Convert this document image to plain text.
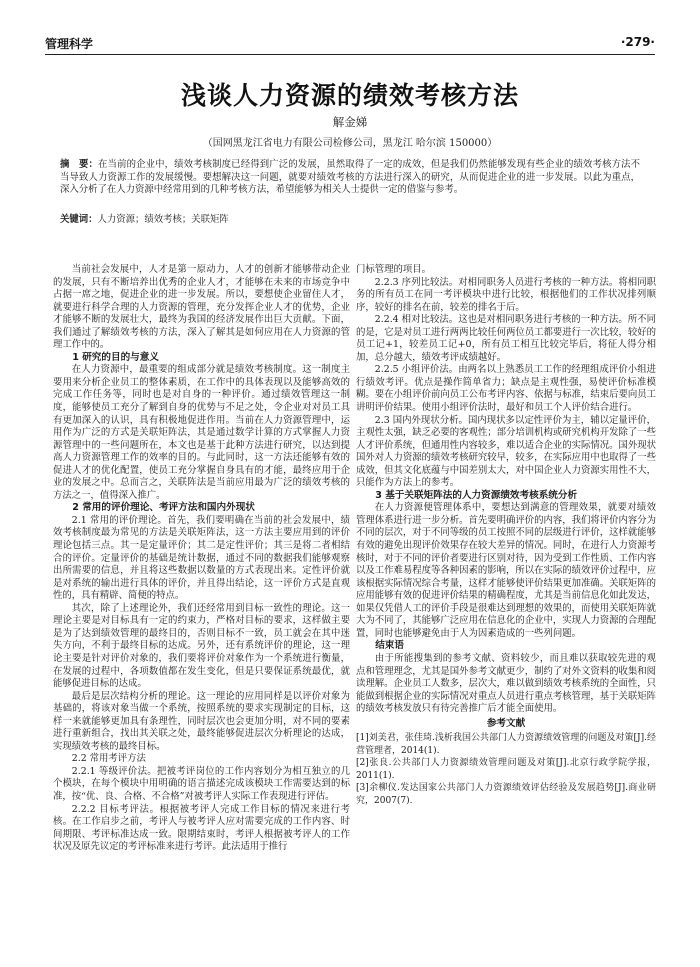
管理科学	·279·
浅谈人力资源的绩效考核方法
解金娣
（国网黑龙江省电力有限公司检修公司，黑龙江 哈尔滨 150000）
摘　要：在当前的企业中，绩效考核制度已经得到广泛的发展，虽然取得了一定的成效，但是我们仍然能够发现有些企业的绩效考核方法不当导致人力资源工作的发展缓慢。要想解决这一问题，就要对绩效考核的方法进行深入的研究，从而促进企业的进一步发展。以此为重点，深入分析了在人力资源中经常用到的几种考核方法，希望能够为相关人士提供一定的借鉴与参考。
关键词：人力资源；绩效考核；关联矩阵

当前社会发展中，人才是第一原动力，人才的创新才能够带动企业的发展，只有不断培养出优秀的企业人才，才能够在未来的市场竞争中占据一席之地，促进企业的进一步发展。所以，要想使企业留住人才，就要进行科学合理的人力资源的管理，充分发挥企业人才的优势，企业才能够不断的发展壮大，最终为我国的经济发展作出巨大贡献。下面，我们通过了解绩效考核的方法，深入了解其是如何应用在人力资源的管理工作中的。

1 研究的目的与意义

在人力资源中，最重要的组成部分就是绩效考核制度。这一制度主要用来分析企业员工的整体素质，在工作中的具体表现以及能够高效的完成工作任务等，同时也是对自身的一种评价。通过绩效管理这一制度，能够使员工充分了解到自身的优势与不足之处，令企业对对员工具有更加深入的认识，具有积极地促进作用。当前在人力资源管理中，运用作为广泛的方式是关联矩阵法，其是通过数学计算的方式掌握人力资源管理中的一些问题所在，本文也是基于此种方法进行研究，以达到提高人力资源管理工作的效率的目的。与此同时，这一方法还能够有效的促进人才的优化配置，使员工充分掌握自身具有的才能，最终应用于企业的发展之中。总而言之，关联阵法是当前应用最为广泛的绩效考核的方法之一，值得深入推广。

2 常用的评价理论、考评方法和国内外现状

2.1 常用的评价理论。首先，我们要明确在当前的社会发展中，绩效考核制度最为常见的方法是关联矩阵法，这一方法主要应用到的评价理论包括三点。其一是定量评价；其二是定性评价；其三是将二者相结合的评价。定量评价的基础是统计数据，通过不同的数据我们能够观察出所需要的信息，并且将这些数据以数量的方式表现出来。定性评价就是对系统的输出进行具体的评价，并且得出结论，这一评价方式是直观性的，具有精辟、简便的特点。

其次，除了上述理论外，我们还经常用到目标一致性的理论。这一理论主要是对目标具有一定的约束力，严格对目标的要求，这样做主要是为了达到绩效管理的最终目的，否则目标不一致，员工就会在其中迷失方向，不利于最终目标的达成。另外，还有系统评价的理论，这一理论主要是针对评价对象的，我们要将评价对象作为一个系统进行衡量，在发展的过程中，各项数值都在发生变化，但是只要保证系统最优，就能够促进目标的达成。

最后是层次结构分析的理论。这一理论的应用同样是以评价对象为基础的，将该对象当做一个系统，按照系统的要求实现制定的目标，这样一来就能够更加具有条理性，同时层次也会更加分明，对不同的要素进行重新组合，找出其关联之处，最终能够促进层次分析理论的达成，实现绩效考核的最终目标。

2.2 常用考评方法

2.2.1 等级评价法。把被考评岗位的工作内容划分为相互独立的几个模块，在每个模块中用明确的语言描述完成该模块工作需要达到的标准，按“优、良、合格、不合格”对被考评人实际工作表现进行评估。

2.2.2 目标考评法。根据被考评人完成工作目标的情况来进行考核。在工作启步之前，考评人与被考评人应对需要完成的工作内容、时间期限、考评标准达成一致。限期结束时，考评人根据被考评人的工作状况及原先议定的考评标准来进行考评。此法适用于推行

门标管理的项目。

2.2.3 序列比较法。对相同职务人员进行考核的一种方法。将相同职务的所有员工在同一考评模块中进行比较，根据他们的工作状况排列顺序，较好的排名在前，较差的排名于后。

2.2.4 相对比较法。这也是对相同职务进行考核的一种方法。所不同的是，它是对员工进行两两比较任何两位员工都要进行一次比较，较好的员工记+1，较差员工记+0，所有员工相互比较完毕后，将征人得分相加，总分越大，绩效考评成绩越好。

2.2.5 小组评价法。由两名以上熟悉员工工作的经理组成评价小组进行绩效考评。优点是操作简单省力；缺点是主观性强，易使评价标准模糊。要在小组评价前向员工公布考评内容、依据与标准，结束后要向员工讲明评价结果。使用小组评价法时，最好和员工个人评价结合进行。

2.3 国内外现状分析。国内现状多以定性评价为主，辅以定量评价，主观性太强，缺乏必要的客观性；部分培训机构或研究机构开发除了一些人才评价系统，但通用性内容较多，难以适合企业的实际情况。国外现状国外对人力资源的绩效考核研究较早，较多，在实际应用中也取得了一些成效，但其文化底蕴与中国差别太大，对中国企业人力资源实用性不大，只能作为方法上的参考。

3 基于关联矩阵法的人力资源绩效考核系统分析

在人力资源便管理体系中，要想达到满意的管理效果，就要对绩效管理体系进行进一步分析。首先要明确评价的内容，我们将评价内容分为不同的层次，对于不同等级的员工按照不同的层级进行评价，这样就能够有效的避免出现评价效果存在较大差异的情况。同时，在进行人力资源考核时，对于不同的评价者要进行区别对待，因为受到工作性质、工作内容以及工作难易程度等各种因素的影响，所以在实际的绩效评价过程中，应该根据实际情况综合考量，这样才能够使评价结果更加准确。关联矩阵的应用能够有效的促进评价结果的精确程度，尤其是当前信息化如此发达，如果仅凭借人工的评价手段是很难达到理想的效果的，而使用关联矩阵就大为不同了，其能够广泛应用在信息化的企业中，实现人力资源的合理配置，同时也能够避免由于人为因素造成的一些列问题。

结束语

由于所能搜集到的参考文献、资料较少，而且难以获取较先进的观点和管理理念，尤其是国外参考文献更少，制约了对外文资料的收集和阅读理解。企业员工人数多，层次大，难以做到绩效考核系统的全面性，只能做到根据企业的实际情况对重点人员进行重点考核管理，基于关联矩阵的绩效考核发放只有待完善推广后才能全面使用。

参考文献
[1]刘美君，张佳琦.浅析我国公共部门人力资源绩效管理的问题及对策[J].经营管理者，2014(1).
[2]张良.公共部门人力资源绩效管理问题及对策[J].北京行政学院学报，2011(1).
[3]余柳仪.发达国家公共部门人力资源绩效评估经验及发展趋势[J].商业研究，2007(7).
